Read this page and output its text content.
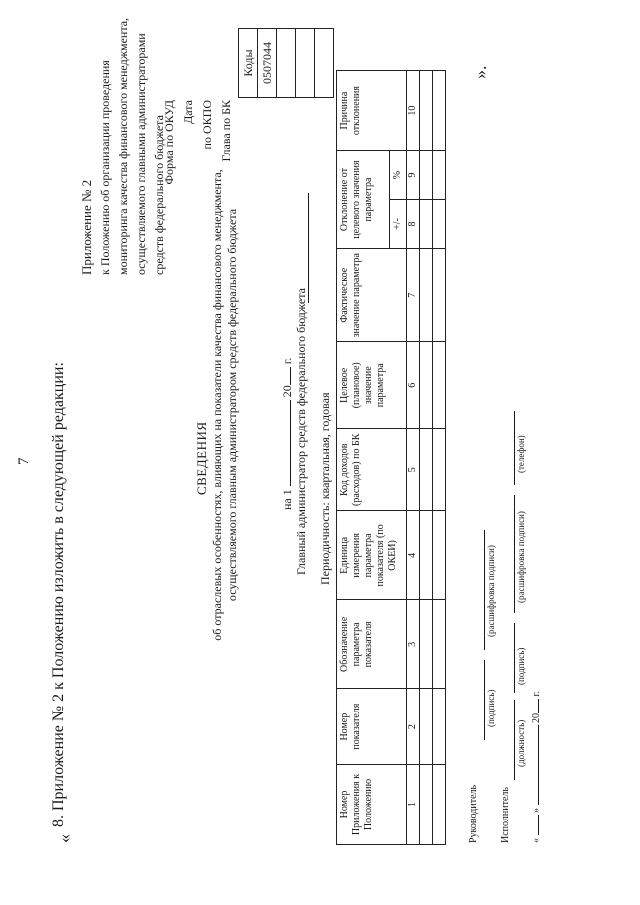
7
«
8. Приложение № 2 к Положению изложить в следующей редакции:
Приложение № 2 к Положению об организации проведения мониторинга качества финансового менеджмента, осуществляемого главными администраторами средств федерального бюджета
СВЕДЕНИЯ об отраслевых особенностях, влияющих на показатели качества финансового менеджмента, осуществляемого главным администратором средств федерального бюджета	на 1  20 г. Главный администратор средств федерального бюджета Периодичность: квартальная, годовая
Форма по ОКУД Дата по ОКПО Глава по БК
Коды
0507044

Номер Приложения к Положению	Номер показателя	Обозначение параметра показателя	Единица измерения параметра показателя (по ОКЕИ)	Код доходов (расходов) по БК	Целевое (плановое) значение параметра	Фактическое значение параметра	Отклонение от целевого значения параметра		Причина отклонения
							+/-	%	
1	2	3	4	5	6	7	8	9	10

Руководитель
(подпись)
(расшифровка подписи)
Исполнитель
(должность)
(подпись)
(расшифровка подписи)
(телефон)
«  »  20 г.
».
